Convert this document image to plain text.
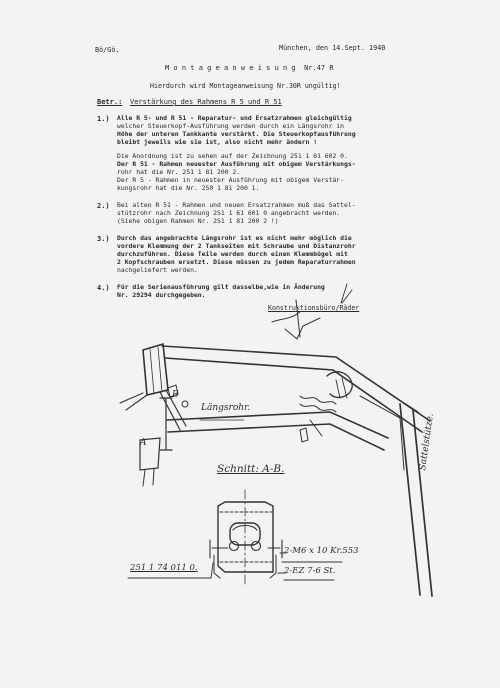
Bö/Gö.	München, den 14.Sept. 1940
M o n t a g e a n w e i s u n g  Nr.47 R
Hierdurch wird Montageanweisung Nr.30R ungültig!
Betr.: Verstärkung des Rahmens R 5 und R 51
1.) Alle R 5- und R 51 - Reparatur- und Ersatzrahmen gleichgültig
welcher Steuerkopf-Ausführung werden durch ein Längsrohr in
Höhe der unteren Tankkante verstärkt. Die Steuerkopfausführung
bleibt jeweils wie sie ist, also nicht mehr ändern !
Die Anordnung ist zu sehen auf der Zeichnung 251 1 61 602 0.
Der R 51 - Rahmen neuester Ausführung mit obigem Verstärkungs-
rohr hat die Nr. 251 1 81 200 2.
Der R 5 - Rahmen in neuester Ausführung mit obigem Verstär-
kungsrohr hat die Nr. 250 1 81 200 1.
2.) Bei alten R 51 - Rahmen und neuen Ersatzrahmen muß das Sattel-
stützrohr nach Zeichnung 251 1 61 601 0 angebracht werden.
(Siehe obigen Rahmen Nr. 251 1 81 200 2 !)
3.) Durch das angebrachte Längsrohr ist es nicht mehr möglich die
vordere Klemmung der 2 Tankseiten mit Schraube und Distanzrohr
durchzuführen. Diese Teile werden durch einen Klemmbügel mit
2 Kopfschrauben ersetzt. Diese müssen zu jedem Reparaturrahmen
nachgeliefert werden.
4.) Für die Serienausführung gilt dasselbe,wie in Änderung
Nr. 29294 durchgegeben.
Konstruktionsbüro/Räder
Längsrohr.
A
B
Sattelstütze.
Schnitt: A-B.
251 1 74 011 0.
2-M6 x 10 Kr.553
2-EZ 7-6 St.
